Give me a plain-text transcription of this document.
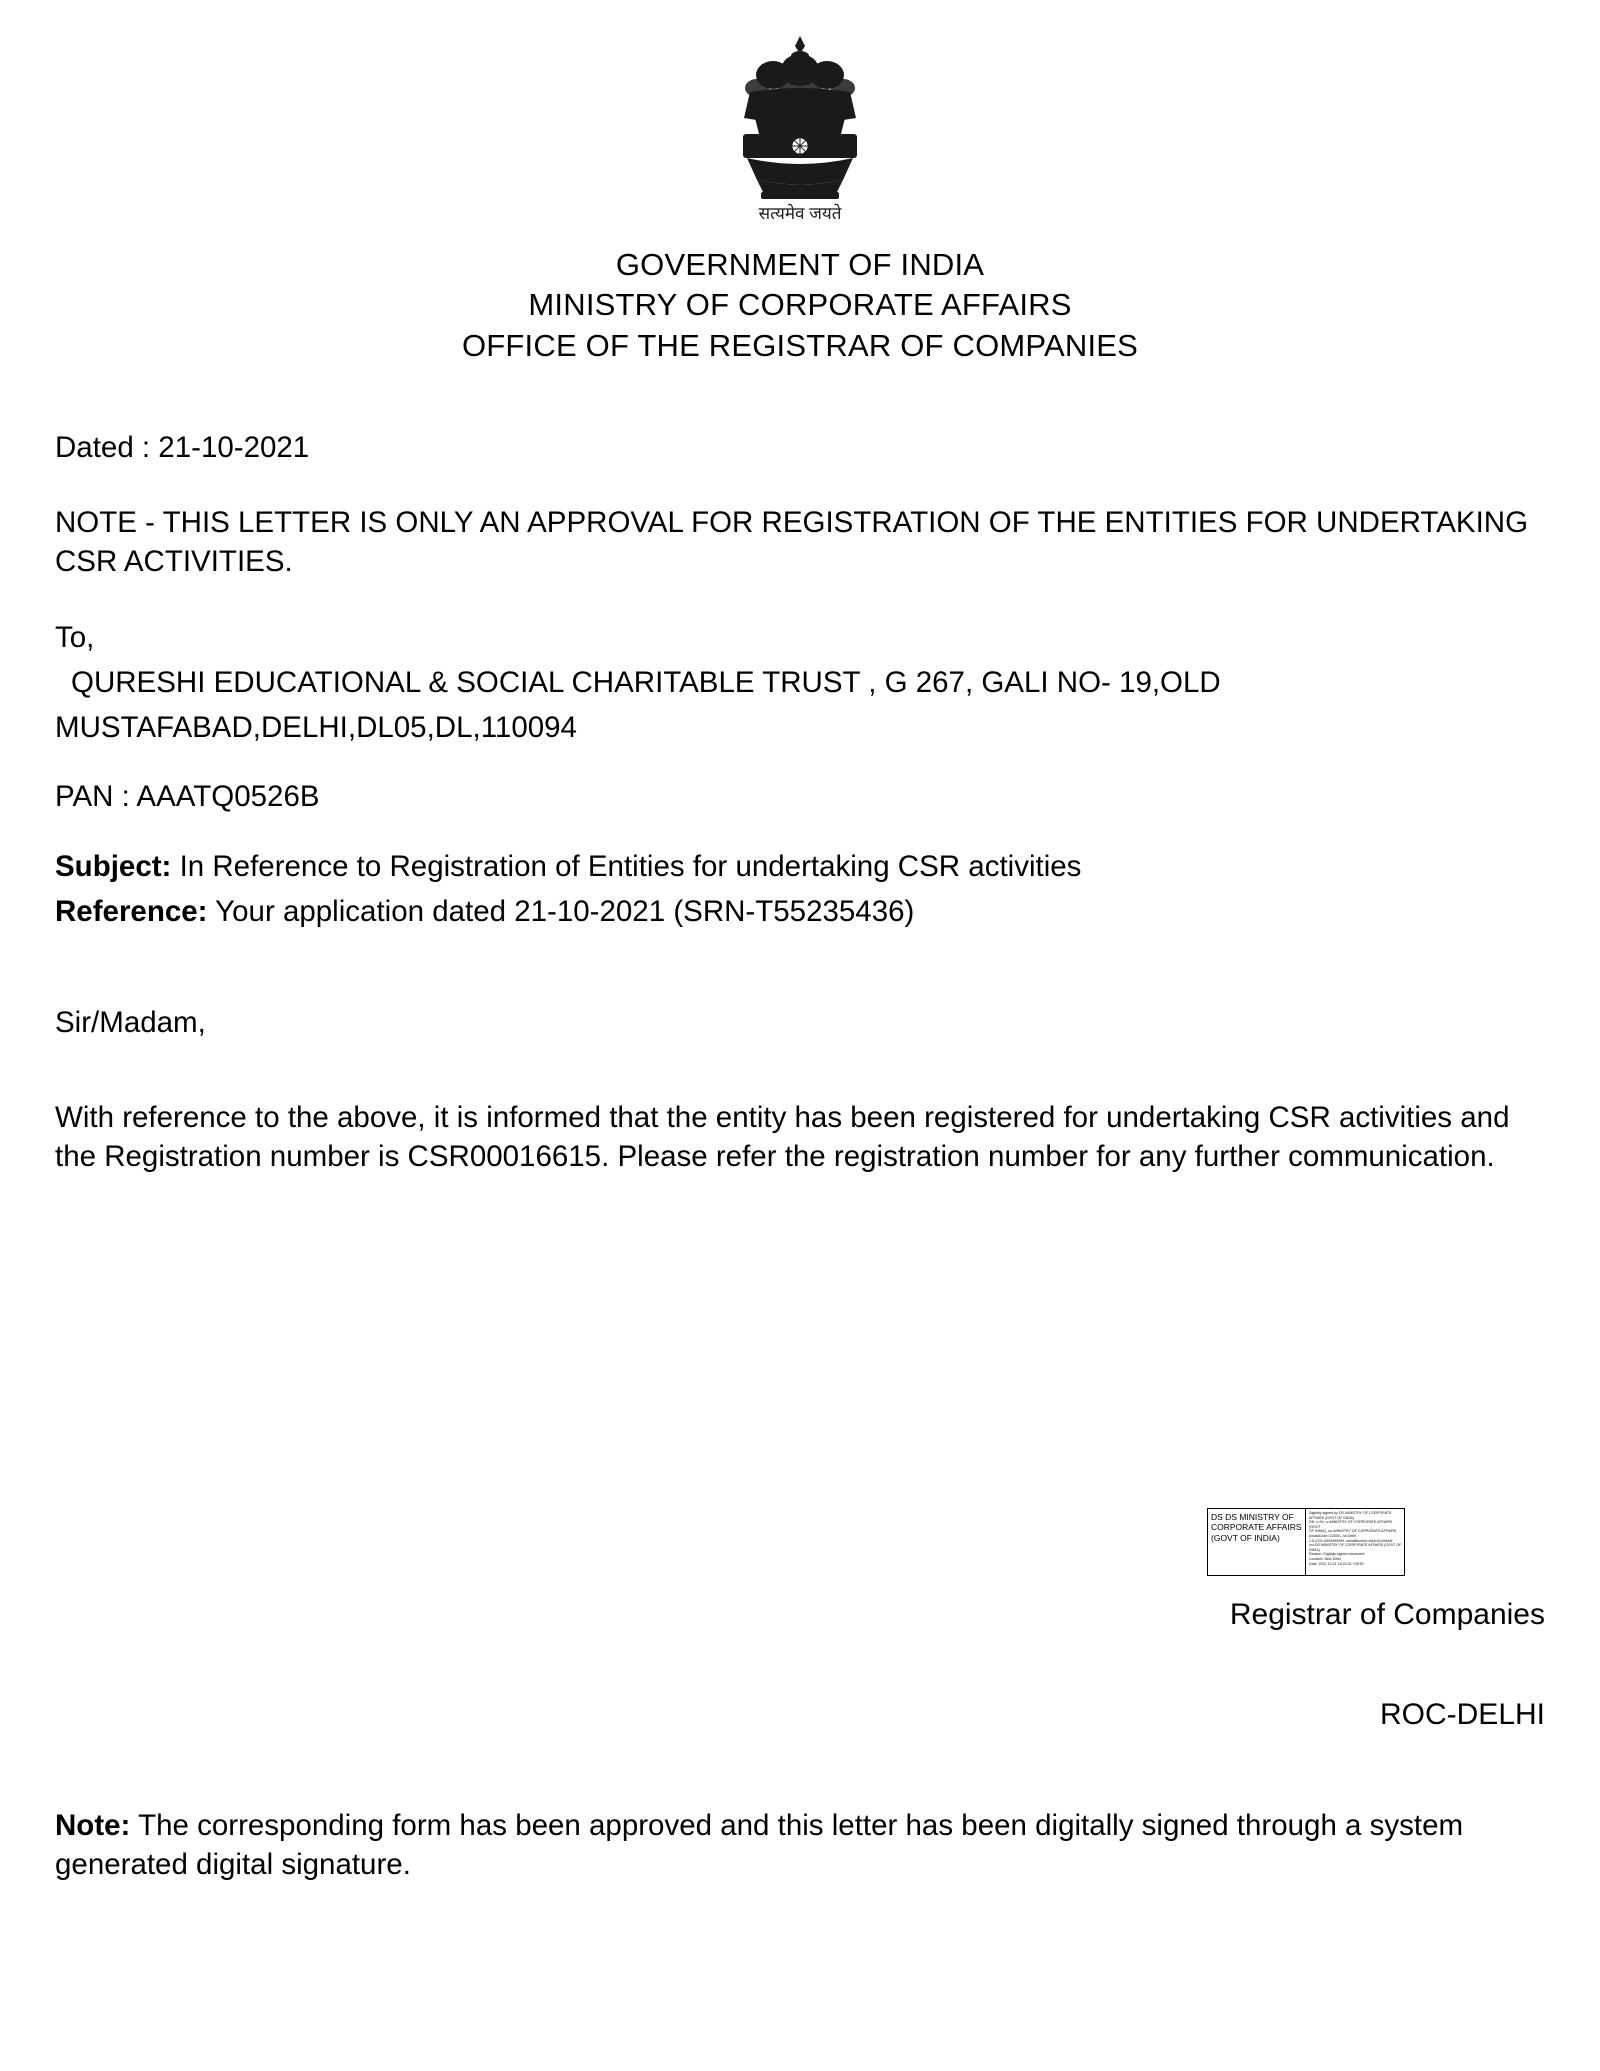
सत्यमेव जयते
GOVERNMENT OF INDIA
MINISTRY OF CORPORATE AFFAIRS
OFFICE OF THE REGISTRAR OF COMPANIES
Dated : 21-10-2021
NOTE - THIS LETTER IS ONLY AN APPROVAL FOR REGISTRATION OF THE ENTITIES FOR UNDERTAKING CSR ACTIVITIES.
To,
QURESHI EDUCATIONAL & SOCIAL CHARITABLE TRUST , G 267, GALI NO- 19,OLD
MUSTAFABAD,DELHI,DL05,DL,110094
PAN : AAATQ0526B
Subject: In Reference to Registration of Entities for undertaking CSR activities
Reference: Your application dated 21-10-2021 (SRN-T55235436)
Sir/Madam,
With reference to the above, it is informed that the entity has been registered for undertaking CSR activities and the Registration number is CSR00016615. Please refer the registration number for any further communication.
DS DS MINISTRY OF CORPORATE AFFAIRS (GOVT OF INDIA)
Digitally signed by DS MINISTRY OF CORPORATE
AFFAIRS (GOVT OF INDIA)
DN: c=IN, o=MINISTRY OF CORPORATE AFFAIRS (GOVT
OF INDIA), ou=MINISTRY OF CORPORATE AFFAIRS, postalCode=110001, st=Delhi,
2.5.4.20=9999999999, serialNumber=0a1b2c3d4e5f,
cn=DS MINISTRY OF CORPORATE AFFAIRS (GOVT OF INDIA)
Reason: Digitally signed document
Location: New Delhi
Date: 2021.10.21 18:24:31 +05'30'
Registrar of Companies
ROC-DELHI
Note: The corresponding form has been approved and this letter has been digitally signed through a system generated digital signature.
